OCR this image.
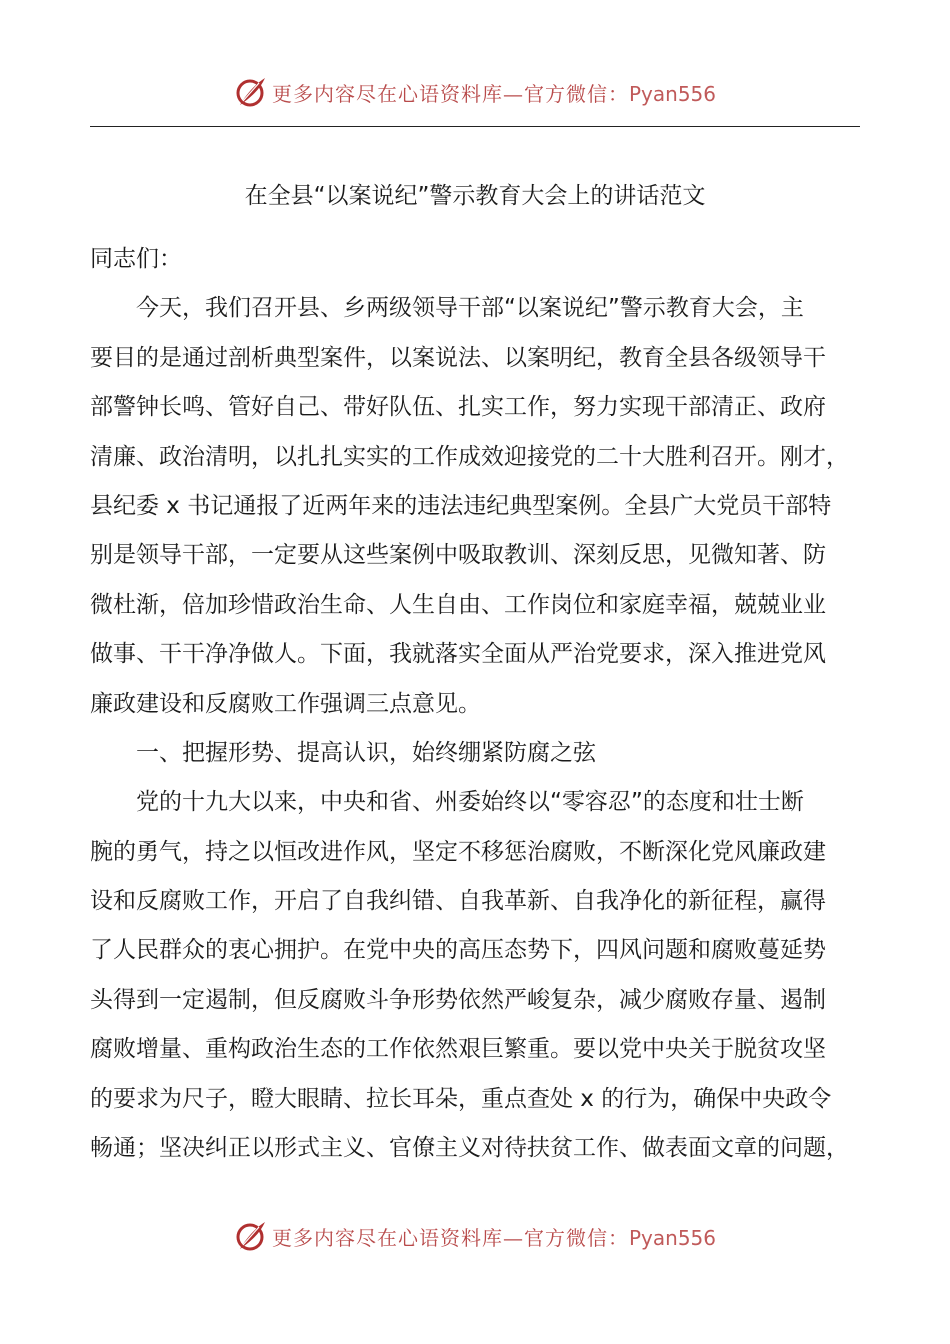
更多内容尽在心语资料库—官方微信：Pyan556
在全县“以案说纪”警示教育大会上的讲话范文
同志们：
今天，我们召开县、乡两级领导干部“以案说纪”警示教育大会，主
要目的是通过剖析典型案件，以案说法、以案明纪，教育全县各级领导干
部警钟长鸣、管好自己、带好队伍、扎实工作，努力实现干部清正、政府
清廉、政治清明，以扎扎实实的工作成效迎接党的二十大胜利召开。刚才，
县纪委 x 书记通报了近两年来的违法违纪典型案例。全县广大党员干部特
别是领导干部，一定要从这些案例中吸取教训、深刻反思，见微知著、防
微杜渐，倍加珍惜政治生命、人生自由、工作岗位和家庭幸福，兢兢业业
做事、干干净净做人。下面，我就落实全面从严治党要求，深入推进党风
廉政建设和反腐败工作强调三点意见。
一、把握形势、提高认识，始终绷紧防腐之弦
党的十九大以来，中央和省、州委始终以“零容忍”的态度和壮士断
腕的勇气，持之以恒改进作风，坚定不移惩治腐败，不断深化党风廉政建
设和反腐败工作，开启了自我纠错、自我革新、自我净化的新征程，赢得
了人民群众的衷心拥护。在党中央的高压态势下，四风问题和腐败蔓延势
头得到一定遏制，但反腐败斗争形势依然严峻复杂，减少腐败存量、遏制
腐败增量、重构政治生态的工作依然艰巨繁重。要以党中央关于脱贫攻坚
的要求为尺子，瞪大眼睛、拉长耳朵，重点查处 x 的行为，确保中央政令
畅通；坚决纠正以形式主义、官僚主义对待扶贫工作、做表面文章的问题，
更多内容尽在心语资料库—官方微信：Pyan556
